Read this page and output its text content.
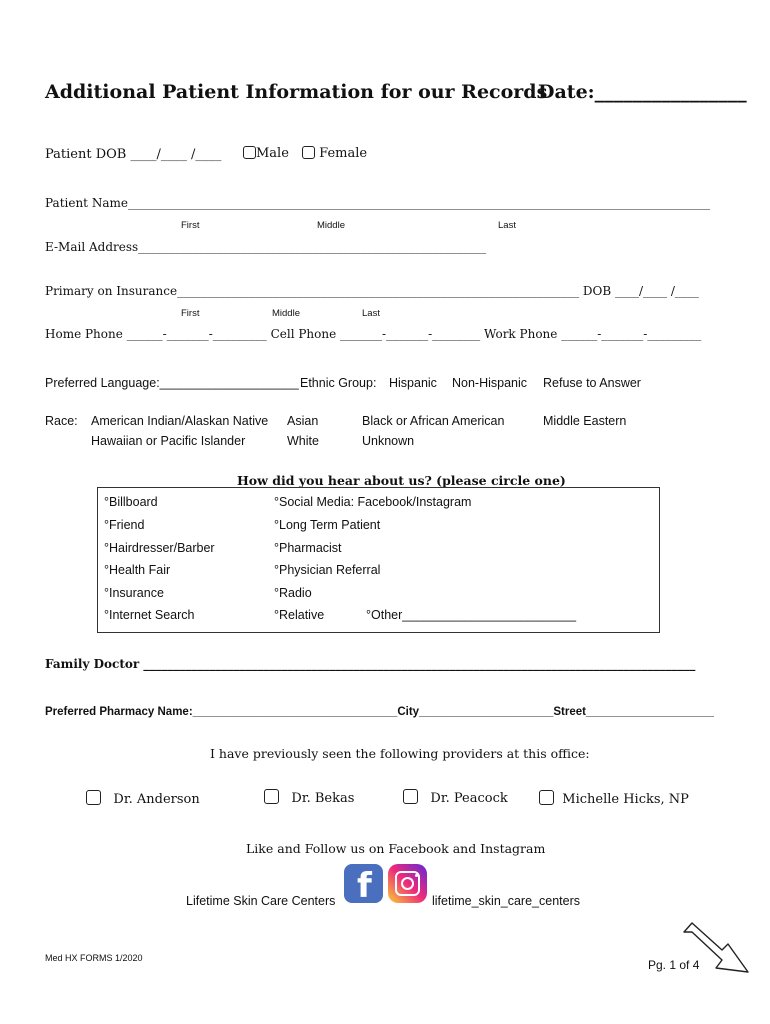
Additional Patient Information for our Records
Date:________________
Patient DOB ____/____ /____	Male	Female
Patient Name_________________________________________________________________________________________________
First	Middle	Last
E-Mail Address__________________________________________________________
Primary on Insurance___________________________________________________________________ DOB ____/____ /____
First	Middle	Last
Home Phone ______-_______-_________ Cell Phone _______-_______-________ Work Phone ______-_______-_________
Preferred Language:____________________ Ethnic Group: Hispanic Non-Hispanic Refuse to Answer
Race: American Indian/Alaskan Native Asian	Black or African American	Middle Eastern
Hawaiian or Pacific Islander	White	Unknown
How did you hear about us? (please circle one)
°Billboard
°Friend
°Hairdresser/Barber
°Health Fair
°Insurance
°Internet Search
°Social Media: Facebook/Instagram
°Long Term Patient
°Pharmacist
°Physician Referral
°Radio
°Relative	°Other_________________________
Family Doctor ____________________________________________________________________________________________
Preferred Pharmacy Name:________________________________City_____________________Street____________________
I have previously seen the following providers at this office:
Dr. Anderson	Dr. Bekas	Dr. Peacock	Michelle Hicks, NP
Like and Follow us on Facebook and Instagram
f
Lifetime Skin Care Centers	lifetime_skin_care_centers
Med HX FORMS 1/2020	Pg. 1 of 4
